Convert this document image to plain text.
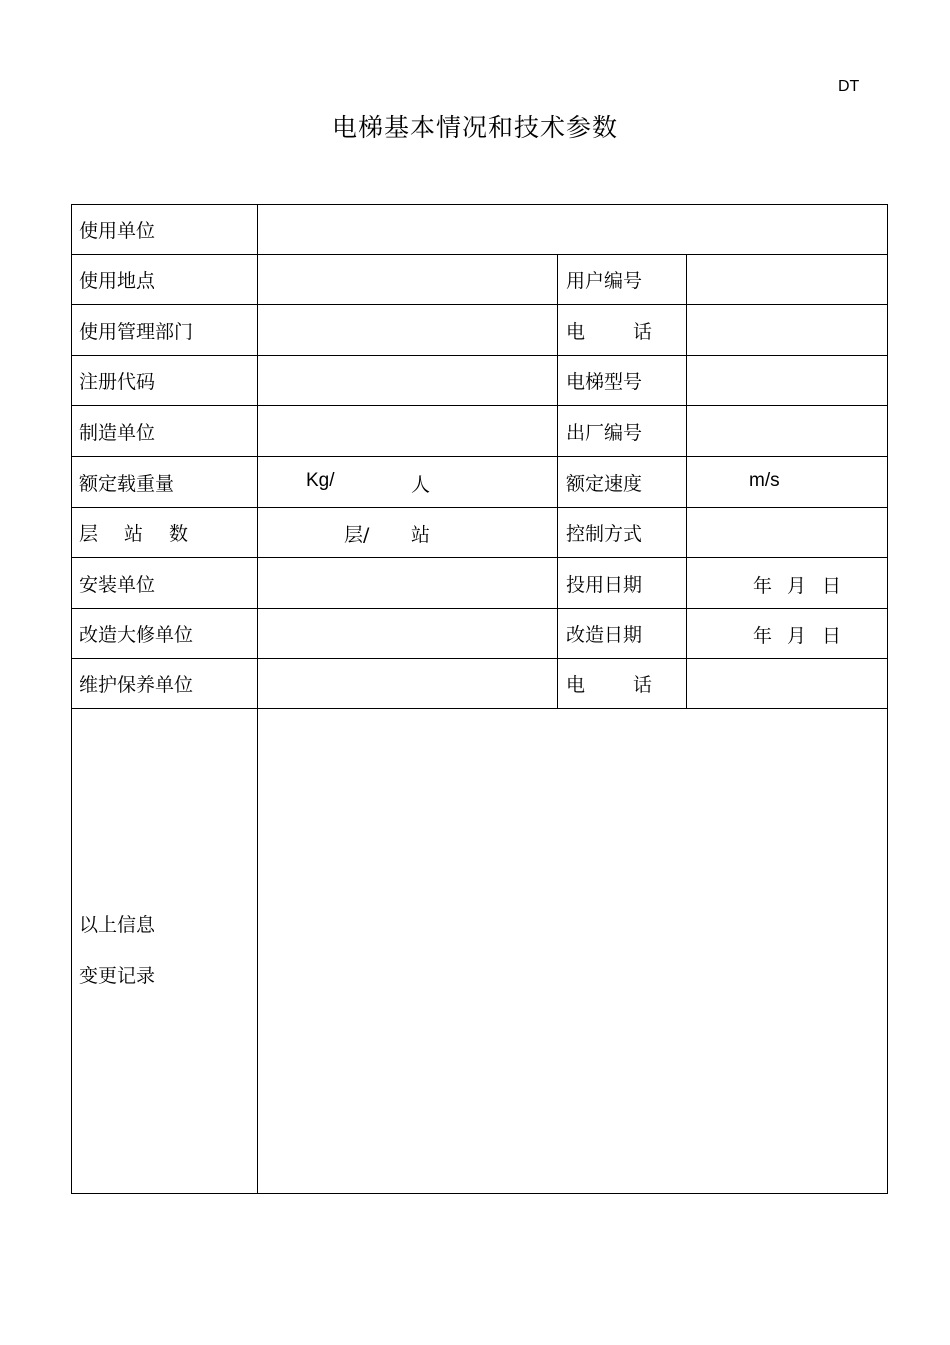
DT
电梯基本情况和技术参数
使用单位
使用地点	用户编号
使用管理部门	电	话
注册代码	电梯型号
制造单位	出厂编号
额定载重量	Kg/	人	额定速度	m/s
层 站 数	层/ 站	控制方式
安装单位	投用日期	年 月 日
改造大修单位	改造日期	年 月 日
维护保养单位	电	话
以上信息
变更记录
